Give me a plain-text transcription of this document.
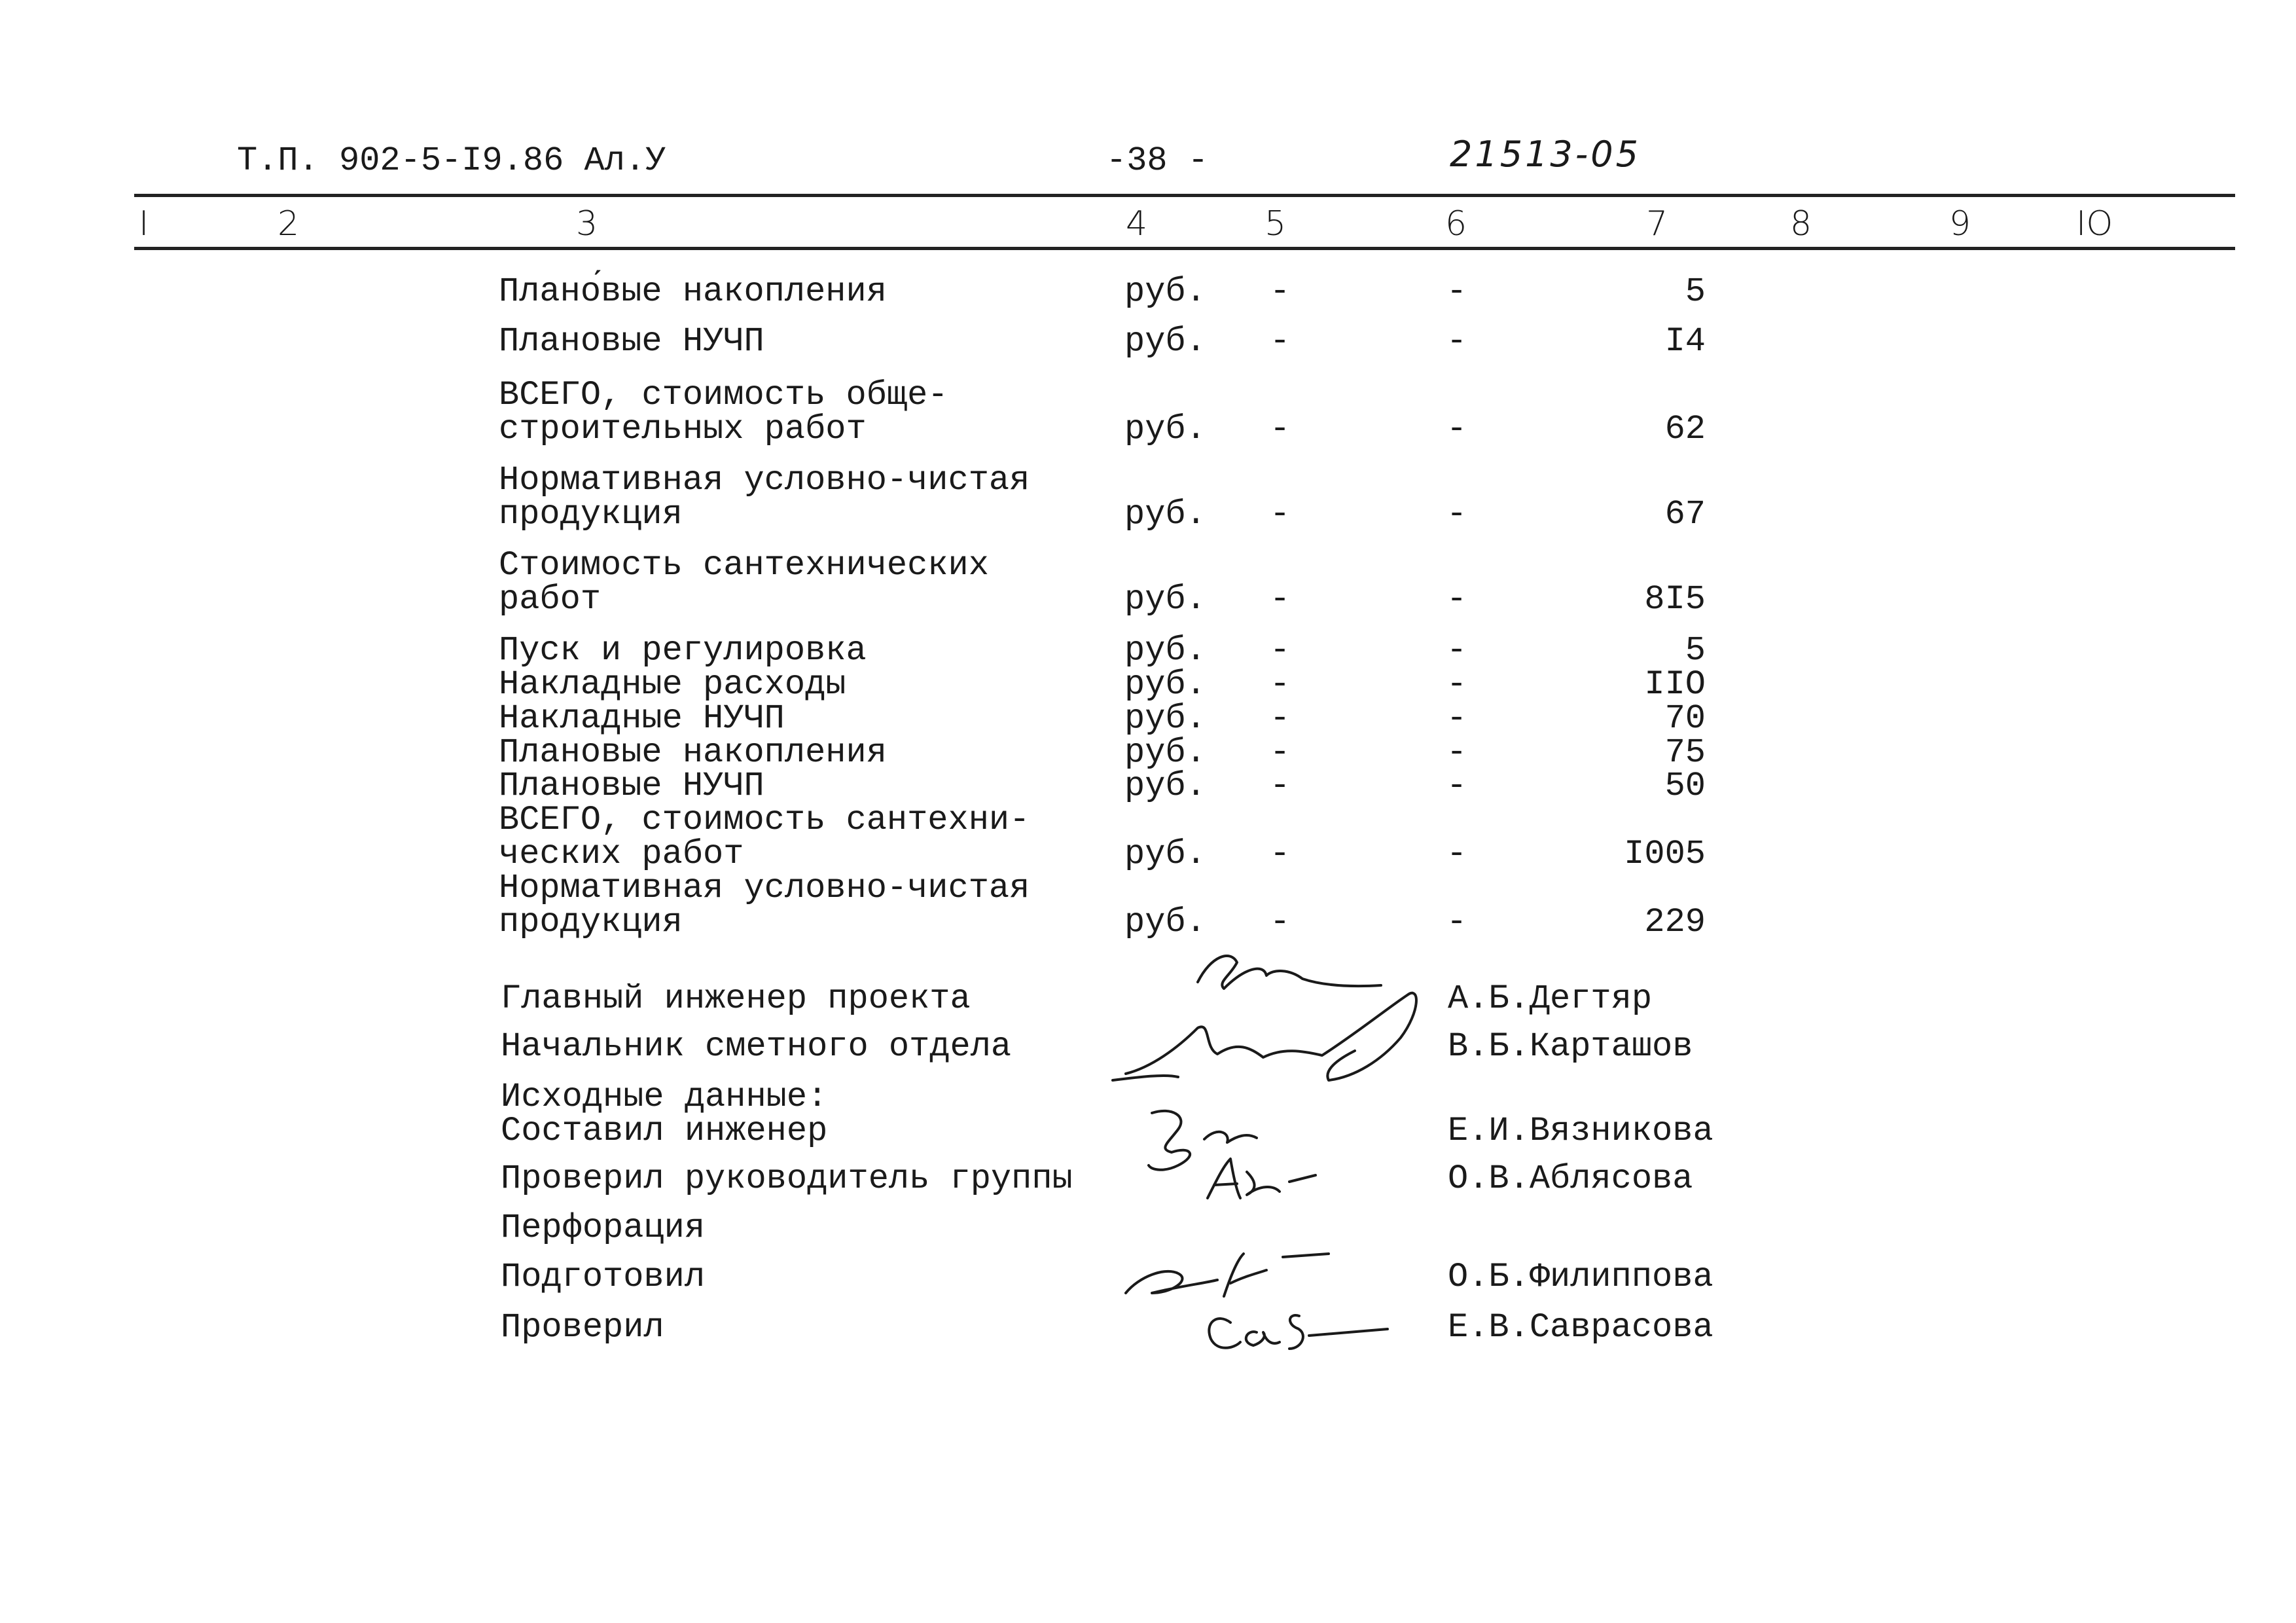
Т.П. 902-5-I9.86 Ал.У	-38 -	21513-05
I	2	3	4	5	6	7	8	9	IO
Плано́вые накопления	руб. -	-	5
Плановые НУЧП	руб. -	-	I4
ВСЕГО, стоимость обще-
строительных работ	руб. -	-	62
Нормативная условно-чистая
продукция	руб. -	-	67
Стоимость сантехнических
работ	руб. -	-	8I5
Пуск и регулировка	руб. -	-	5
Накладные расходы	руб. -	-	IIO
Накладные НУЧП	руб. -	-	70
Плановые накопления	руб. -	-	75
Плановые НУЧП	руб. -	-	50
ВСЕГО, стоимость сантехни-
ческих работ	руб. -	-	I005
Нормативная условно-чистая
продукция	руб. -	-	229
Главный инженер проекта	А.Б.Дегтяр
Начальник сметного отдела	В.Б.Карташов
Исходные данные:
Составил инженер	Е.И.Вязникова
Проверил руководитель группы	О.В.Аблясова
Перфорация
Подготовил	О.Б.Филиппова
Проверил	Е.В.Саврасова
